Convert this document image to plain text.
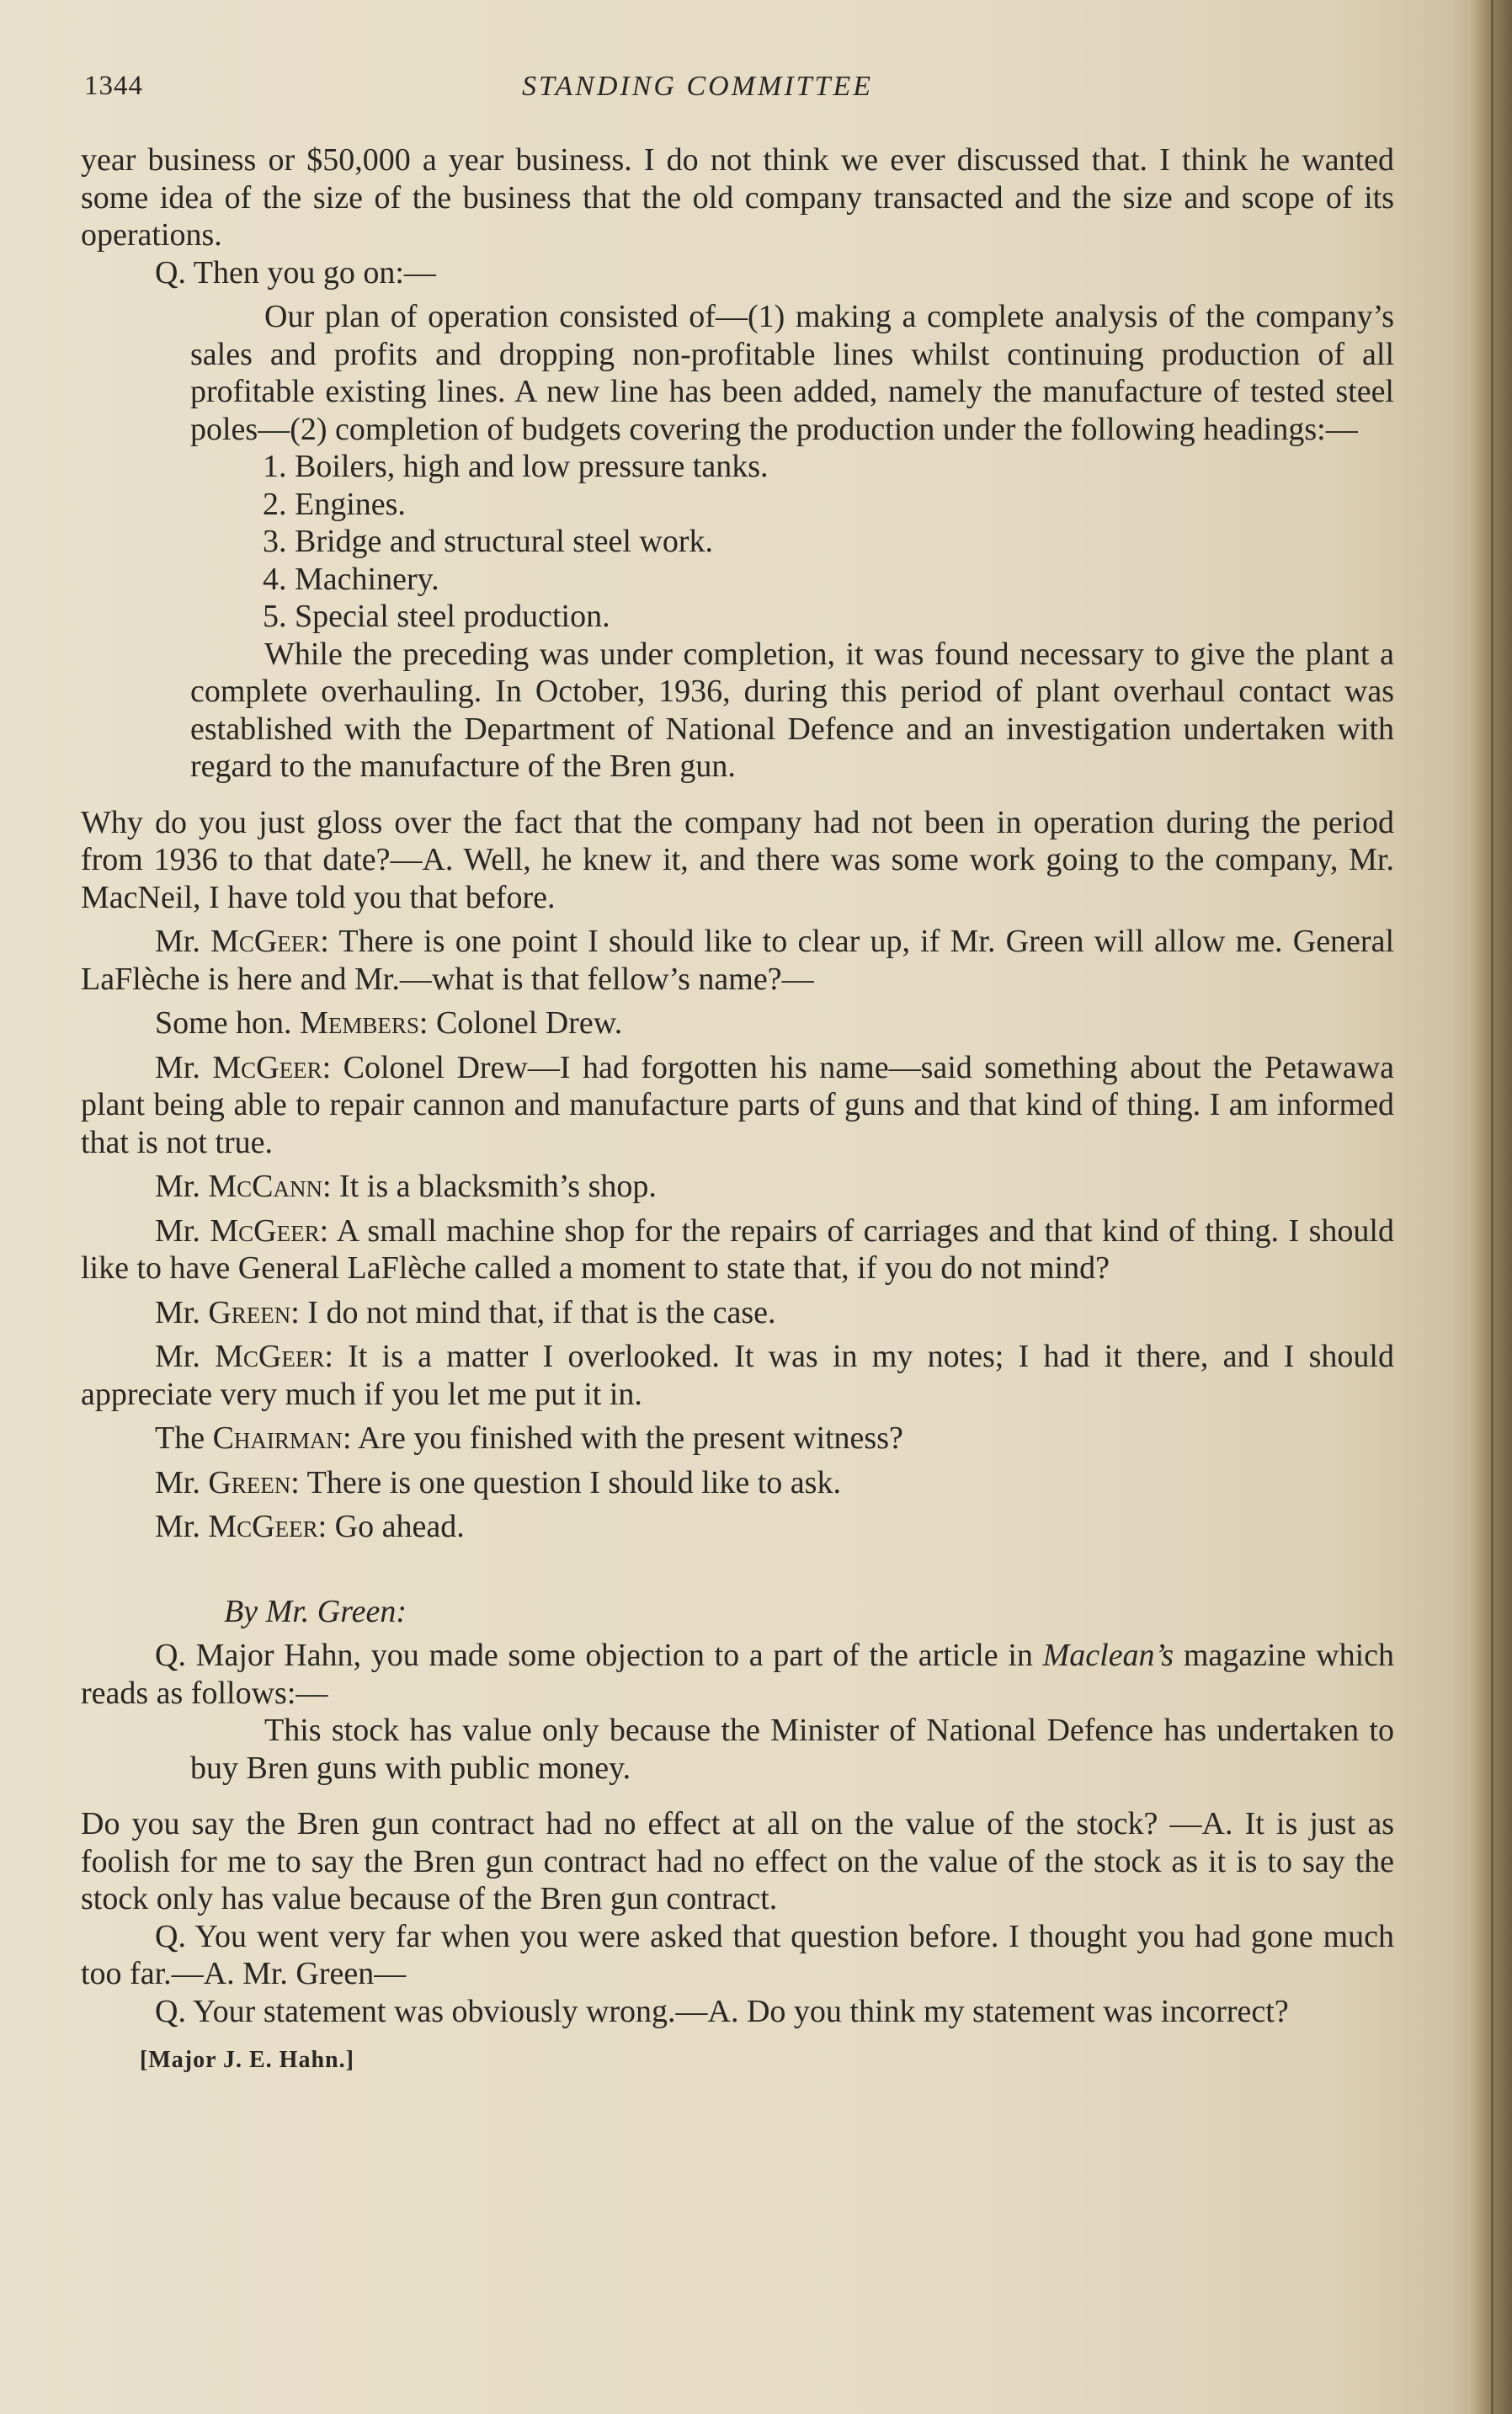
1344	STANDING COMMITTEE

year business or $50,000 a year business. I do not think we ever discussed that. I think he wanted some idea of the size of the business that the old company transacted and the size and scope of its operations.

Q. Then you go on:—

Our plan of operation consisted of—(1) making a complete analysis of the company’s sales and profits and dropping non-profitable lines whilst continuing production of all profitable existing lines. A new line has been added, namely the manufacture of tested steel poles—(2) completion of budgets covering the production under the following headings:—

1. Boilers, high and low pressure tanks.

2. Engines.

3. Bridge and structural steel work.

4. Machinery.

5. Special steel production.

While the preceding was under completion, it was found necessary to give the plant a complete overhauling. In October, 1936, during this period of plant overhaul contact was established with the Department of National Defence and an investigation undertaken with regard to the manufacture of the Bren gun.

Why do you just gloss over the fact that the company had not been in operation during the period from 1936 to that date?—A. Well, he knew it, and there was some work going to the company, Mr. MacNeil, I have told you that before.

Mr. McGeer: There is one point I should like to clear up, if Mr. Green will allow me. General LaFlèche is here and Mr.—what is that fellow’s name?—

Some hon. Members: Colonel Drew.

Mr. McGeer: Colonel Drew—I had forgotten his name—said something about the Petawawa plant being able to repair cannon and manufacture parts of guns and that kind of thing. I am informed that is not true.

Mr. McCann: It is a blacksmith’s shop.

Mr. McGeer: A small machine shop for the repairs of carriages and that kind of thing. I should like to have General LaFlèche called a moment to state that, if you do not mind?

Mr. Green: I do not mind that, if that is the case.

Mr. McGeer: It is a matter I overlooked. It was in my notes; I had it there, and I should appreciate very much if you let me put it in.

The Chairman: Are you finished with the present witness?

Mr. Green: There is one question I should like to ask.

Mr. McGeer: Go ahead.

By Mr. Green:

Q. Major Hahn, you made some objection to a part of the article in Maclean’s magazine which reads as follows:—

This stock has value only because the Minister of National Defence has undertaken to buy Bren guns with public money.

Do you say the Bren gun contract had no effect at all on the value of the stock? —A. It is just as foolish for me to say the Bren gun contract had no effect on the value of the stock as it is to say the stock only has value because of the Bren gun contract.

Q. You went very far when you were asked that question before. I thought you had gone much too far.—A. Mr. Green—

Q. Your statement was obviously wrong.—A. Do you think my statement was incorrect?

[Major J. E. Hahn.]
